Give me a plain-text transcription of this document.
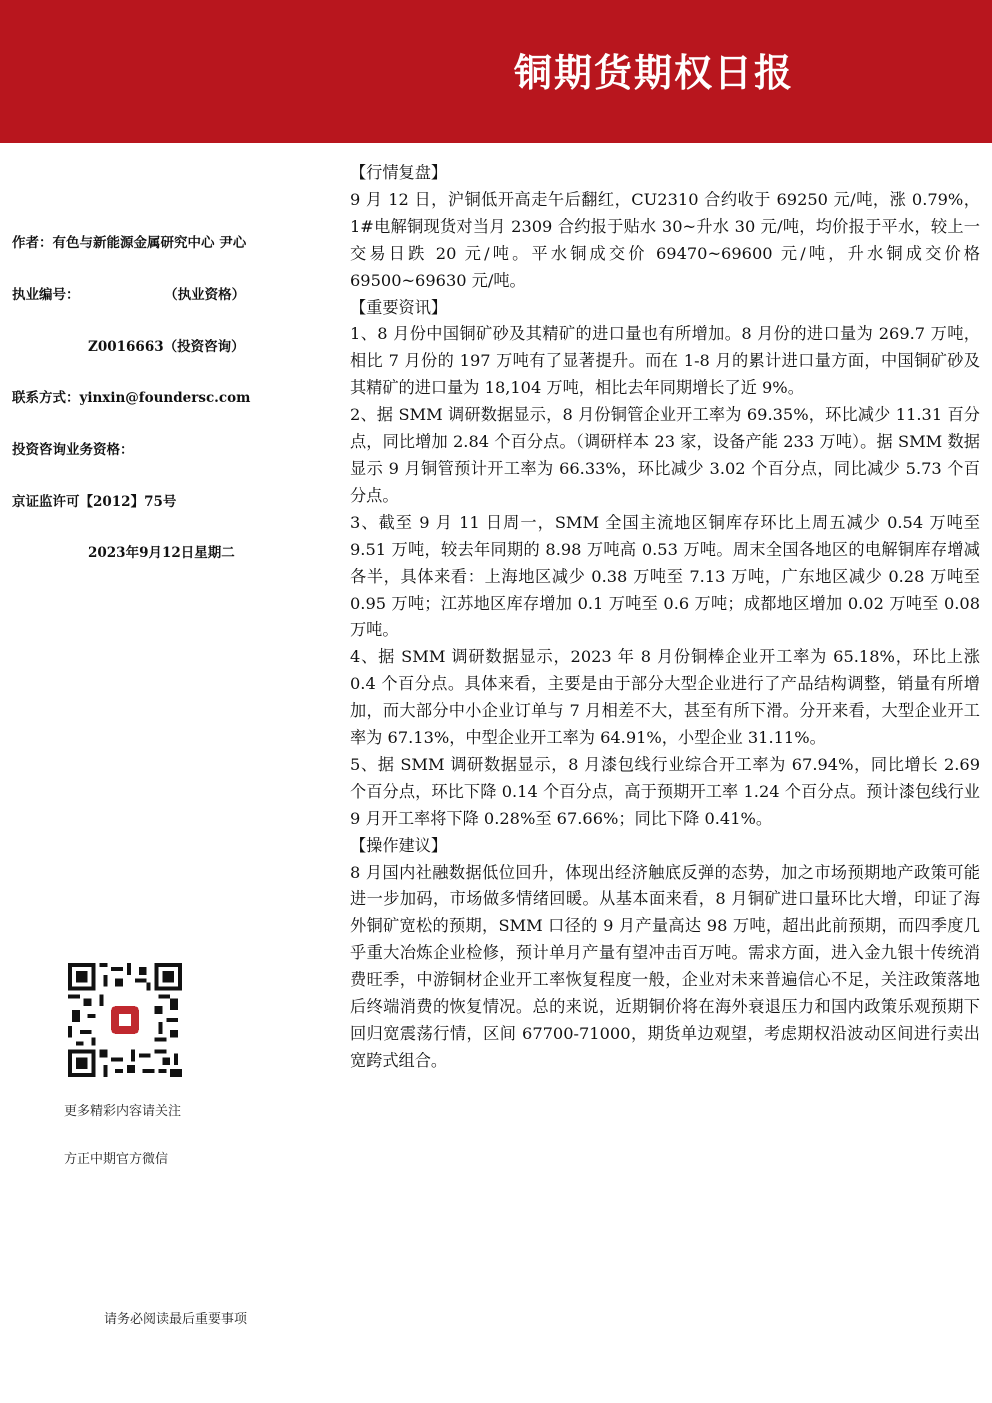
铜期货期权日报
作者：有色与新能源金属研究中心 尹心
执业编号：                  （执业资格）
Z0016663（投资咨询）
联系方式：yinxin@foundersc.com
投资咨询业务资格：
京证监许可【2012】75号
2023年9月12日星期二
更多精彩内容请关注
方正中期官方微信
请务必阅读最后重要事项

【行情复盘】

9 月 12 日，沪铜低开高走午后翻红，CU2310 合约收于 69250 元/吨，涨 0.79%，1#电解铜现货对当月 2309 合约报于贴水 30~升水 30 元/吨，均价报于平水，较上一交易日跌 20 元/吨。平水铜成交价 69470~69600 元/吨，升水铜成交价格 69500~69630 元/吨。

【重要资讯】

1、8 月份中国铜矿砂及其精矿的进口量也有所增加。8 月份的进口量为 269.7 万吨，相比 7 月份的 197 万吨有了显著提升。而在 1-8 月的累计进口量方面，中国铜矿砂及其精矿的进口量为 18,104 万吨，相比去年同期增长了近 9%。

2、据 SMM 调研数据显示，8 月份铜管企业开工率为 69.35%，环比减少 11.31 百分点，同比增加 2.84 个百分点。（调研样本 23 家，设备产能 233 万吨）。据 SMM 数据显示 9 月铜管预计开工率为 66.33%，环比减少 3.02 个百分点，同比减少 5.73 个百分点。

3、截至 9 月 11 日周一，SMM 全国主流地区铜库存环比上周五减少 0.54 万吨至 9.51 万吨，较去年同期的 8.98 万吨高 0.53 万吨。周末全国各地区的电解铜库存增减各半，具体来看：上海地区减少 0.38 万吨至 7.13 万吨，广东地区减少 0.28 万吨至 0.95 万吨；江苏地区库存增加 0.1 万吨至 0.6 万吨；成都地区增加 0.02 万吨至 0.08 万吨。

4、据 SMM 调研数据显示，2023 年 8 月份铜棒企业开工率为 65.18%，环比上涨 0.4 个百分点。具体来看，主要是由于部分大型企业进行了产品结构调整，销量有所增加，而大部分中小企业订单与 7 月相差不大，甚至有所下滑。分开来看，大型企业开工率为 67.13%，中型企业开工率为 64.91%，小型企业 31.11%。

5、据 SMM 调研数据显示，8 月漆包线行业综合开工率为 67.94%，同比增长 2.69 个百分点，环比下降 0.14 个百分点，高于预期开工率 1.24 个百分点。预计漆包线行业 9 月开工率将下降 0.28%至 67.66%；同比下降 0.41%。

【操作建议】

8 月国内社融数据低位回升，体现出经济触底反弹的态势，加之市场预期地产政策可能进一步加码，市场做多情绪回暖。从基本面来看，8 月铜矿进口量环比大增，印证了海外铜矿宽松的预期，SMM 口径的 9 月产量高达 98 万吨，超出此前预期，而四季度几乎重大冶炼企业检修，预计单月产量有望冲击百万吨。需求方面，进入金九银十传统消费旺季，中游铜材企业开工率恢复程度一般，企业对未来普遍信心不足，关注政策落地后终端消费的恢复情况。总的来说，近期铜价将在海外衰退压力和国内政策乐观预期下回归宽震荡行情，区间 67700-71000，期货单边观望，考虑期权沿波动区间进行卖出宽跨式组合。
